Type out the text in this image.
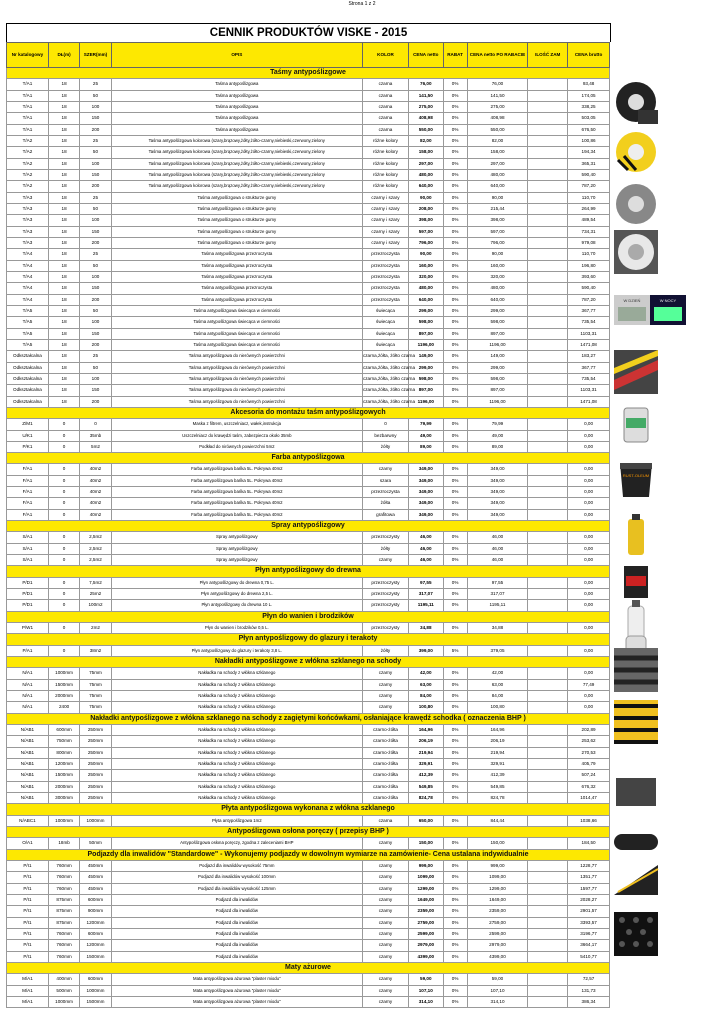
Strona 1 z 2
CENNIK PRODUKTÓW VISKE - 2015
Nr katalogowy	DŁ(m)	SZER(mm)	OPIS	KOLOR	CENA netto	RABAT	CENA netto PO RABACIE	ILOŚĆ ZAM	CENA brutto
Taśmy antypoślizgowe									
T/A1	18	25	Taśma antypoślizgowa	czarna	76,00	0%	76,00		93,48
T/A1	18	50	Taśma antypoślizgowa	czarna	141,50	0%	141,50		174,05
T/A1	18	100	Taśma antypoślizgowa	czarna	275,00	0%	275,00		338,25
T/A1	18	150	Taśma antypoślizgowa	czarna	408,98	0%	408,98		503,05
T/A1	18	200	Taśma antypoślizgowa	czarna	550,00	0%	550,00		676,50
T/A2	18	25	Taśma antypoślizgowa kolorowa (szary,brązowy,żółty,żółto-czarny,niebieski,czerwony,zielony	różne kolory	82,00	0%	82,00		100,86
T/A2	18	50	Taśma antypoślizgowa kolorowa (szary,brązowy,żółty,żółto-czarny,niebieski,czerwony,zielony	różne kolory	158,00	0%	158,00		194,34
T/A2	18	100	Taśma antypoślizgowa kolorowa (szary,brązowy,żółty,żółto-czarny,niebieski,czerwony,zielony	różne kolory	297,00	0%	297,00		365,31
T/A2	18	150	Taśma antypoślizgowa kolorowa (szary,brązowy,żółty,żółto-czarny,niebieski,czerwony,zielony	różne kolory	480,00	0%	480,00		590,40
T/A2	18	200	Taśma antypoślizgowa kolorowa (szary,brązowy,żółty,żółto-czarny,niebieski,czerwony,zielony	różne kolory	640,00	0%	640,00		787,20
T/A3	18	25	Taśma antypoślizgowa o strukturze gumy	czarny i szary	90,00	0%	90,00		110,70
T/A3	18	50	Taśma antypoślizgowa o strukturze gumy	czarny i szary	208,00	0%	215,44		264,99
T/A3	18	100	Taśma antypoślizgowa o strukturze gumy	czarny i szary	398,00	0%	398,00		489,54
T/A3	18	150	Taśma antypoślizgowa o strukturze gumy	czarny i szary	597,00	0%	597,00		734,31
T/A3	18	200	Taśma antypoślizgowa o strukturze gumy	czarny i szary	796,00	0%	796,00		979,08
T/A4	18	25	Taśma antypoślizgowa przezroczysta	przezroczysta	90,00	0%	90,00		110,70
T/A4	18	50	Taśma antypoślizgowa przezroczysta	przezroczysta	160,00	0%	160,00		196,80
T/A4	18	100	Taśma antypoślizgowa przezroczysta	przezroczysta	320,00	0%	320,00		393,60
T/A4	18	150	Taśma antypoślizgowa przezroczysta	przezroczysta	480,00	0%	480,00		590,40
T/A4	18	200	Taśma antypoślizgowa przezroczysta	przezroczysta	640,00	0%	640,00		787,20
T/A5	18	50	Taśma antypoślizgowa świecąca w ciemności	świecąca	299,00	0%	299,00		367,77
T/A5	18	100	Taśma antypoślizgowa świecąca w ciemności	świecąca	598,00	0%	598,00		735,54
T/A5	18	150	Taśma antypoślizgowa świecąca w ciemności	świecąca	897,00	0%	897,00		1103,31
T/A5	18	200	Taśma antypoślizgowa świecąca w ciemności	świecąca	1196,00	0%	1196,00		1471,08
Odkształcalna	18	25	Taśma antypoślizgowa do nierównych powierzchni	czarna,żółta, żółto czarna	149,00	0%	149,00		183,27
Odkształcalna	18	50	Taśma antypoślizgowa do nierównych powierzchni	czarna,żółta, żółto czarna	299,00	0%	299,00		367,77
Odkształcalna	18	100	Taśma antypoślizgowa do nierównych powierzchni	czarna,żółta, żółto czarna	598,00	0%	598,00		735,54
Odkształcalna	18	150	Taśma antypoślizgowa do nierównych powierzchni	czarna,żółta, żółto czarna	897,00	0%	897,00		1103,31
Odkształcalna	18	200	Taśma antypoślizgowa do nierównych powierzchni	czarna,żółta, żółto czarna	1196,00	0%	1196,00		1471,08
Akcesoria do montażu taśm antypoślizgowych									
Z/M1	0	0	Maska z filtrem, uszczelniacz, wałek,instrukcja	0	79,99	0%	79,99		0,00
U/K1	0	35mb	Uszczelniacz do krawędzi taśm, zabezpiecza około 35mb	bezbarwny	49,00	0%	49,00		0,00
P/K1	0	5m2	Podkład do nirównych powierzchni 5m2	żółty	89,00	0%	89,00		0,00
Farba antypoślizgowa									
F/A1	0	40m2	Farba antypoślizgowa bańka 5L. Pokrywa 40m2	czarny	349,00	0%	349,00		0,00
F/A1	0	40m2	Farba antypoślizgowa bańka 5L. Pokrywa 40m2	szara	349,00	0%	349,00		0,00
F/A1	0	40m2	Farba antypoślizgowa bańka 5L. Pokrywa 40m2	przezroczysta	349,00	0%	349,00		0,00
F/A1	0	40m2	Farba antypoślizgowa bańka 5L. Pokrywa 40m2	żółta	349,00	0%	349,00		0,00
F/A1	0	40m2	Farba antypoślizgowa bańka 5L. Pokrywa 40m2	grafitowa	349,00	0%	349,00		0,00
Spray antypoślizgowy									
S/A1	0	2,5m2	Spray antypoślizgowy	przezroczysty	46,00	0%	46,00		0,00
S/A1	0	2,5m2	Spray antypoślizgowy	żółty	46,00	0%	46,00		0,00
S/A1	0	2,5m2	Spray antypoślizgowy	czarny	46,00	0%	46,00		0,00
Płyn antypoślizgowy do drewna									
P/D1	0	7,5m2	Płyn antypoślizgowy do drewna 0,75 L.	przezroczysty	97,55	0%	97,55		0,00
P/D1	0	25m2	Płyn antypoślizgowy do drewna 2,5 L.	przezroczysty	317,07	0%	317,07		0,00
P/D1	0	100m2	Płyn antypoślizgowy do drewna 10 L.	przezroczysty	1195,11	0%	1195,11		0,00
Płyn do wanien i brodzików									
P/W1	0	2m2	Płyn do wanien i brodzików 0,5 L.	przezroczysty	34,88	0%	34,88		0,00
Płyn antypoślizgowy do glazury i terakoty									
P/A1	0	38m2	Płyn antypoślizgowy do glazury i terakoty 3,8 L.	żółty	399,00	5%	379,05		0,00
Nakładki antypoślizgowe z włókna szklanego na schody									
N/A1	1000mm	75mm	Nakładka na schody z włókna szklanego	czarny	42,00	0%	42,00		0,00
N/A1	1500mm	75mm	Nakładka na schody z włókna szklanego	czarny	63,00	0%	63,00		77,49
N/A1	2000mm	75mm	Nakładka na schody z włókna szklanego	czarny	84,00	0%	84,00		0,00
N/A1	2400	75mm	Nakładka na schody z włókna szklanego	czarny	100,80	0%	100,80		0,00
Nakładki antypoślizgowe z włókna szklanego na schody z zagiętymi końcówkami, osłaniające krawędź schodka ( oznaczenia BHP )									
N/AB1	600mm	250mm	Nakładka na schody z włókna szklanego	czarno-żółta	164,96	0%	164,96		202,89
N/AB1	750mm	250mm	Nakładka na schody z włókna szklanego	czarno-żółta	206,19	0%	206,19		253,62
N/AB1	800mm	250mm	Nakładka na schody z włókna szklanego	czarno-żółta	219,94	0%	219,94		270,53
N/AB1	1200mm	250mm	Nakładka na schody z włókna szklanego	czarno-żółta	329,91	0%	329,91		405,79
N/AB1	1500mm	250mm	Nakładka na schody z włókna szklanego	czarno-żółta	412,39	0%	412,39		507,24
N/AB1	2000mm	250mm	Nakładka na schody z włókna szklanego	czarno-żółta	549,85	0%	549,85		676,32
N/AB1	3000mm	250mm	Nakładka na schody z włókna szklanego	czarno-żółta	824,78	0%	824,78		1014,47
Płyta antypoślizgowa wykonana z włókna szklanego									
N/ABC1	1000mm	1000mm	Płyta antypoślizgowa 1m2	czarna	650,00	0%	844,44		1038,66
Antypoślizgowa osłona poręczy ( przepisy BHP )									
O/A1	18mb	50mm	Antypoślizgowa osłona poręczy, zgodna z zaleceniami BHP	czarny	150,00	0%	150,00		184,50
Podjazdy dla inwalidów "Standardowe" - Wykonujemy podjazdy w dowolnym wymiarze na zamówienie- Cena ustalana indywidualnie									
P/I1	760mm	450mm	Podjazd dla inwalidów wysokość 75mm	czarny	999,00	0%	999,00		1228,77
P/I1	760mm	450mm	Podjazd dla inwalidów wysokość 100mm	czarny	1099,00	0%	1099,00		1351,77
P/I1	760mm	450mm	Podjazd dla inwalidów wysokość 125mm	czarny	1299,00	0%	1299,00		1597,77
P/I1	875mm	600mm	Podjazd dla inwalidów	czarny	1649,00	0%	1649,00		2028,27
P/I1	875mm	900mm	Podjazd dla inwalidów	czarny	2359,00	0%	2359,00		2901,57
P/I1	875mm	1200mm	Podjazd dla inwalidów	czarny	2759,00	0%	2759,00		3393,57
P/I1	760mm	600mm	Podjazd dla inwalidów	czarny	2599,00	0%	2599,00		3196,77
P/I1	760mm	1200mm	Podjazd dla inwalidów	czarny	2979,00	0%	2979,00		3664,17
P/I1	760mm	1500mm	Podjazd dla inwalidów	czarny	4399,00	0%	4399,00		5410,77
Maty ażurowe									
M/A1	400mm	600mm	Mata antypoślizgowa ażurowa "plaster miodu"	czarny	59,00	0%	59,00		72,57
M/A1	500mm	1000mm	Mata antypoślizgowa ażurowa "plaster miodu"	czarny	107,10	0%	107,10		131,73
M/A1	1000mm	1500mm	Mata antypoślizgowa ażurowa "plaster miodu"	czarny	314,10	0%	314,10		386,34
W DZIEŃ	W NOCY
RUST-OLEUM
